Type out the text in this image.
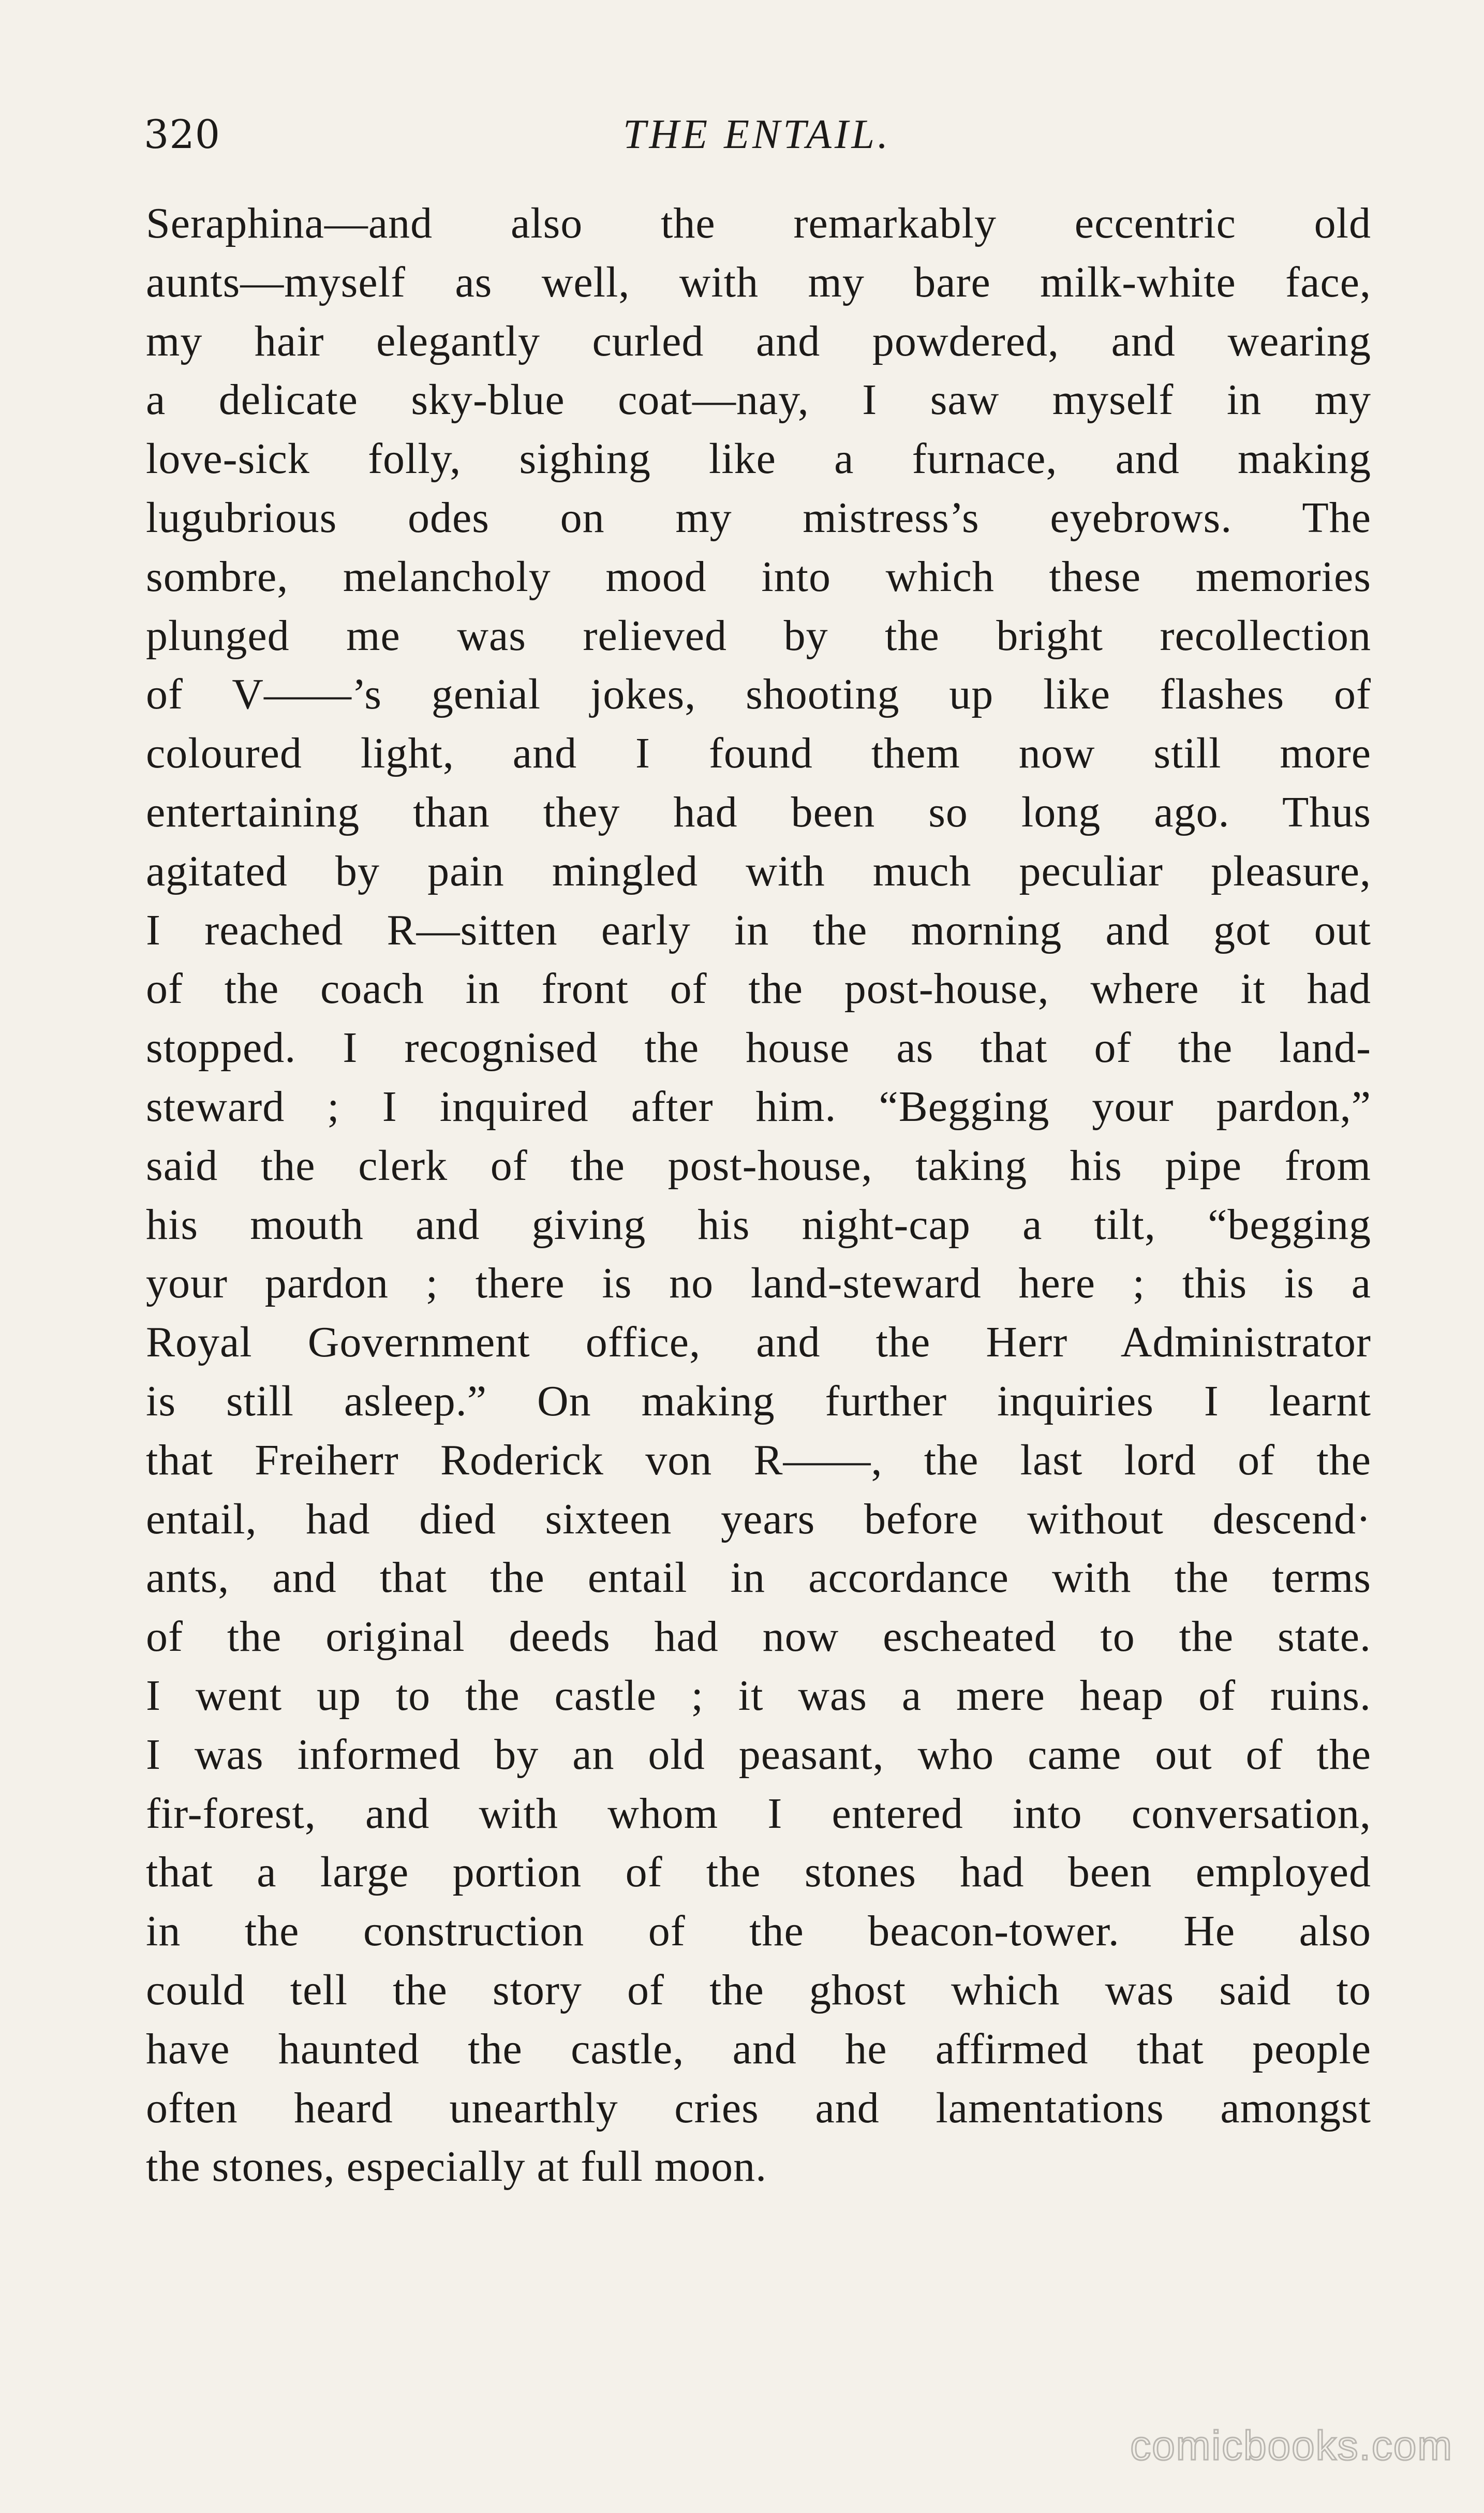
320	THE ENTAIL.
Seraphina—and also the remarkably eccentric old
aunts—myself as well, with my bare milk-white face,
my hair elegantly curled and powdered, and wearing
a delicate sky-blue coat—nay, I saw myself in my
love-sick folly, sighing like a furnace, and making
lugubrious odes on my mistress’s eyebrows. The
sombre, melancholy mood into which these memories
plunged me was relieved by the bright recollection
of V——’s genial jokes, shooting up like flashes of
coloured light, and I found them now still more
entertaining than they had been so long ago. Thus
agitated by pain mingled with much peculiar pleasure,
I reached R—sitten early in the morning and got out
of the coach in front of the post-house, where it had
stopped. I recognised the house as that of the land-
steward ; I inquired after him. “Begging your pardon,”
said the clerk of the post-house, taking his pipe from
his mouth and giving his night-cap a tilt, “begging
your pardon ; there is no land-steward here ; this is a
Royal Government office, and the Herr Administrator
is still asleep.” On making further inquiries I learnt
that Freiherr Roderick von R——, the last lord of the
entail, had died sixteen years before without descend·
ants, and that the entail in accordance with the terms
of the original deeds had now escheated to the state.
I went up to the castle ; it was a mere heap of ruins.
I was informed by an old peasant, who came out of the
fir-forest, and with whom I entered into conversation,
that a large portion of the stones had been employed
in the construction of the beacon-tower. He also
could tell the story of the ghost which was said to
have haunted the castle, and he affirmed that people
often heard unearthly cries and lamentations amongst
the stones, especially at full moon.
comicbooks.com
